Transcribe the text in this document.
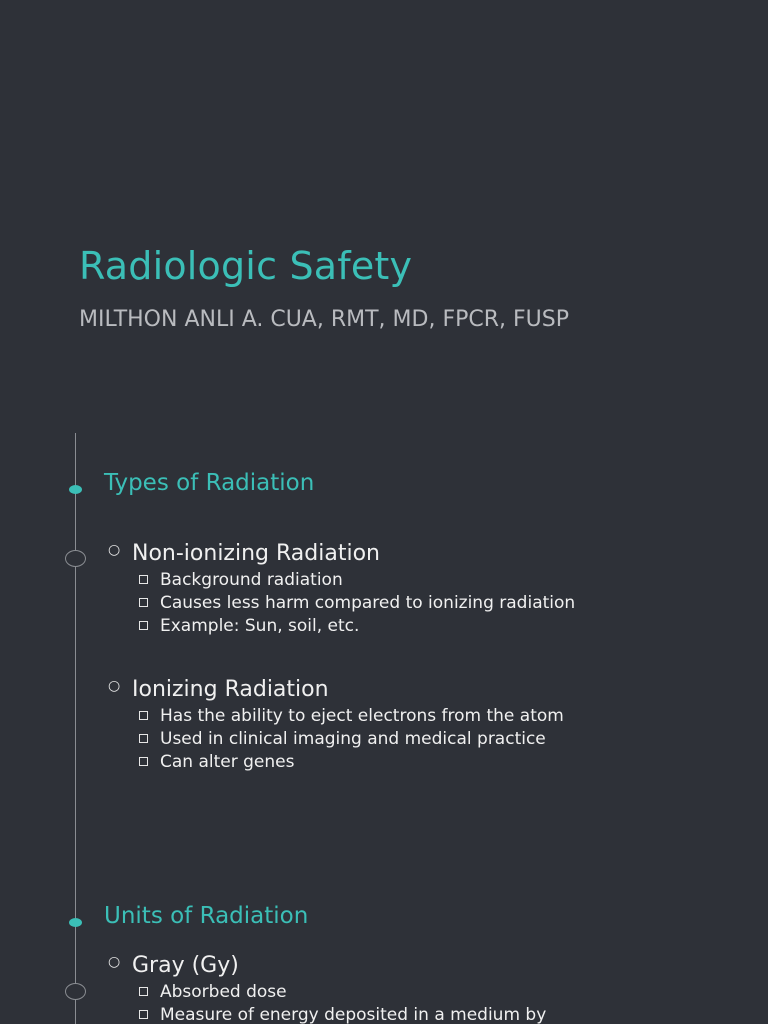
Radiologic Safety
MILTHON ANLI A. CUA, RMT, MD, FPCR, FUSP
Types of Radiation
○ Non-ionizing Radiation
Background radiation
Causes less harm compared to ionizing radiation
Example: Sun, soil, etc.
○ Ionizing Radiation
Has the ability to eject electrons from the atom
Used in clinical imaging and medical practice
Can alter genes
Units of Radiation
○ Gray (Gy)
Absorbed dose
Measure of energy deposited in a medium by
